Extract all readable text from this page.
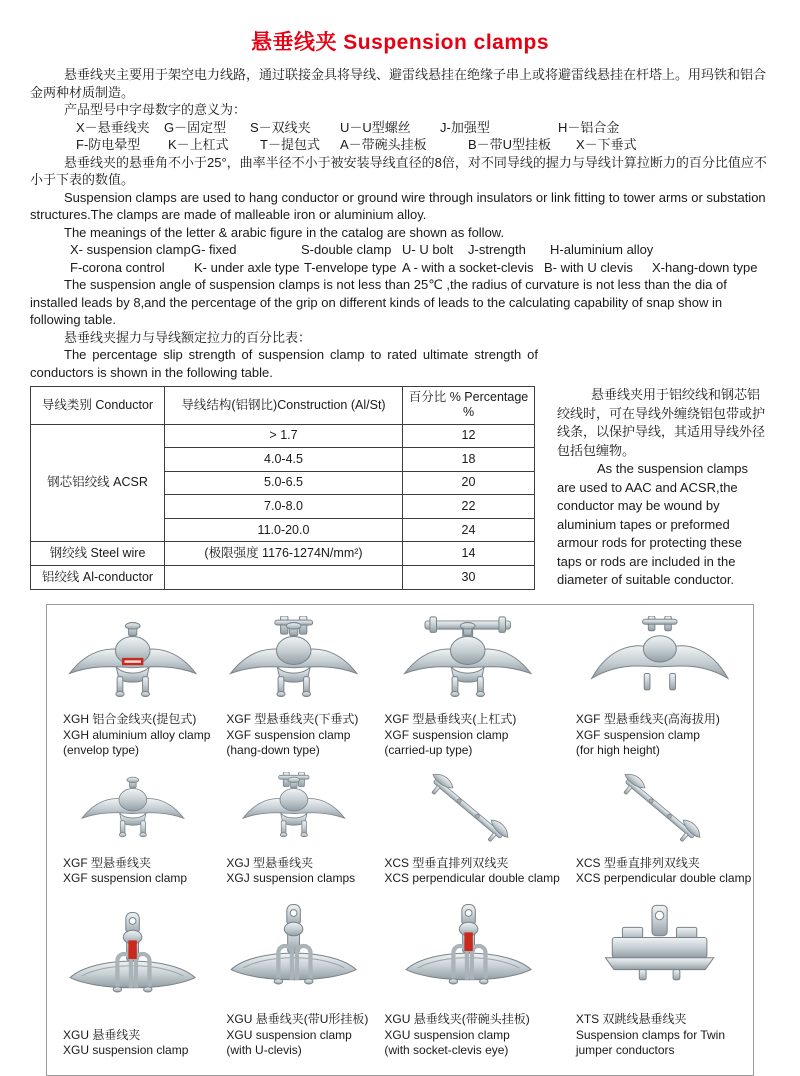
悬垂线夹 Suspension clamps

悬垂线夹主要用于架空电力线路，通过联接金具将导线、避雷线悬挂在绝缘子串上或将避雷线悬挂在杆塔上。用玛铁和铝合金两种材质制造。

产品型号中字母数字的意义为：

X－悬垂线夹	G－固定型	S－双线夹	U－U型螺丝	J-加强型	H－铝合金
F-防电晕型	K－上杠式	T－提包式	A－带碗头挂板	B－带U型挂板	X－下垂式

悬垂线夹的悬垂角不小于25°，曲率半径不小于被安装导线直径的8倍，对不同导线的握力与导线计算拉断力的百分比值应不小于下表的数值。

Suspension clamps are used to hang conductor or ground wire through insulators or link fitting to tower arms or substation structures.The clamps are made of malleable iron or aluminium alloy.

The meanings of the letter & arabic figure in the catalog are shown as follow.

X- suspension clamp G- fixed	S-double clamp U- U bolt	J-strength	H-aluminium alloy
F-corona control	K- under axle type T-envelope type A - with a socket-clevis B- with U clevis	X-hang-down type

The suspension angle of suspension clamps is not less than 25℃ ,the radius of curvature is not less than the dia of installed leads by 8,and the percentage of the grip on different kinds of leads to the calculating capability of snap show in following table.

悬垂线夹握力与导线额定拉力的百分比表：

The percentage slip strength of suspension clamp to rated ultimate strength of conductors is shown in the following table.

导线类别 Conductor	导线结构(铝钢比)Construction (Al/St)	百分比 % Percentage %
钢芯铝绞线 ACSR	> 1.7	12
	4.0-4.5	18
	5.0-6.5	20
	7.0-8.0	22
	11.0-20.0	24
钢绞线 Steel wire	(极限强度 1176-1274N/mm²)	14
铝绞线 Al-conductor		30

悬垂线夹用于铝绞线和钢芯铝绞线时，可在导线外缠绕铝包带或护线条，以保护导线，其适用导线外径包括包缠物。

As the suspension clamps are used to AAC and ACSR,the conductor may be wound by aluminium tapes or preformed armour rods for protecting these taps or rods are included in the diameter of suitable conductor.

XGH 铝合金线夹(提包式)
XGH aluminium alloy clamp
(envelop type)
XGF 型悬垂线夹(下垂式)
XGF suspension clamp
(hang-down type)
XGF 型悬垂线夹(上杠式)
XGF suspension clamp
(carried-up type)
XGF 型悬垂线夹(高海拔用)
XGF suspension clamp
(for high height)
XGF 型悬垂线夹
XGF suspension clamp
XGJ 型悬垂线夹
XGJ suspension clamps
XCS 型垂直排列双线夹
XCS perpendicular double clamp
XCS 型垂直排列双线夹
XCS perpendicular double clamp
XGU 悬垂线夹
XGU suspension clamp
XGU 悬垂线夹(带U形挂板)
XGU suspension clamp
(with U-clevis)
XGU 悬垂线夹(带碗头挂板)
XGU suspension clamp
(with socket-clevis eye)
XTS 双跳线悬垂线夹
Suspension clamps for Twin
jumper conductors
